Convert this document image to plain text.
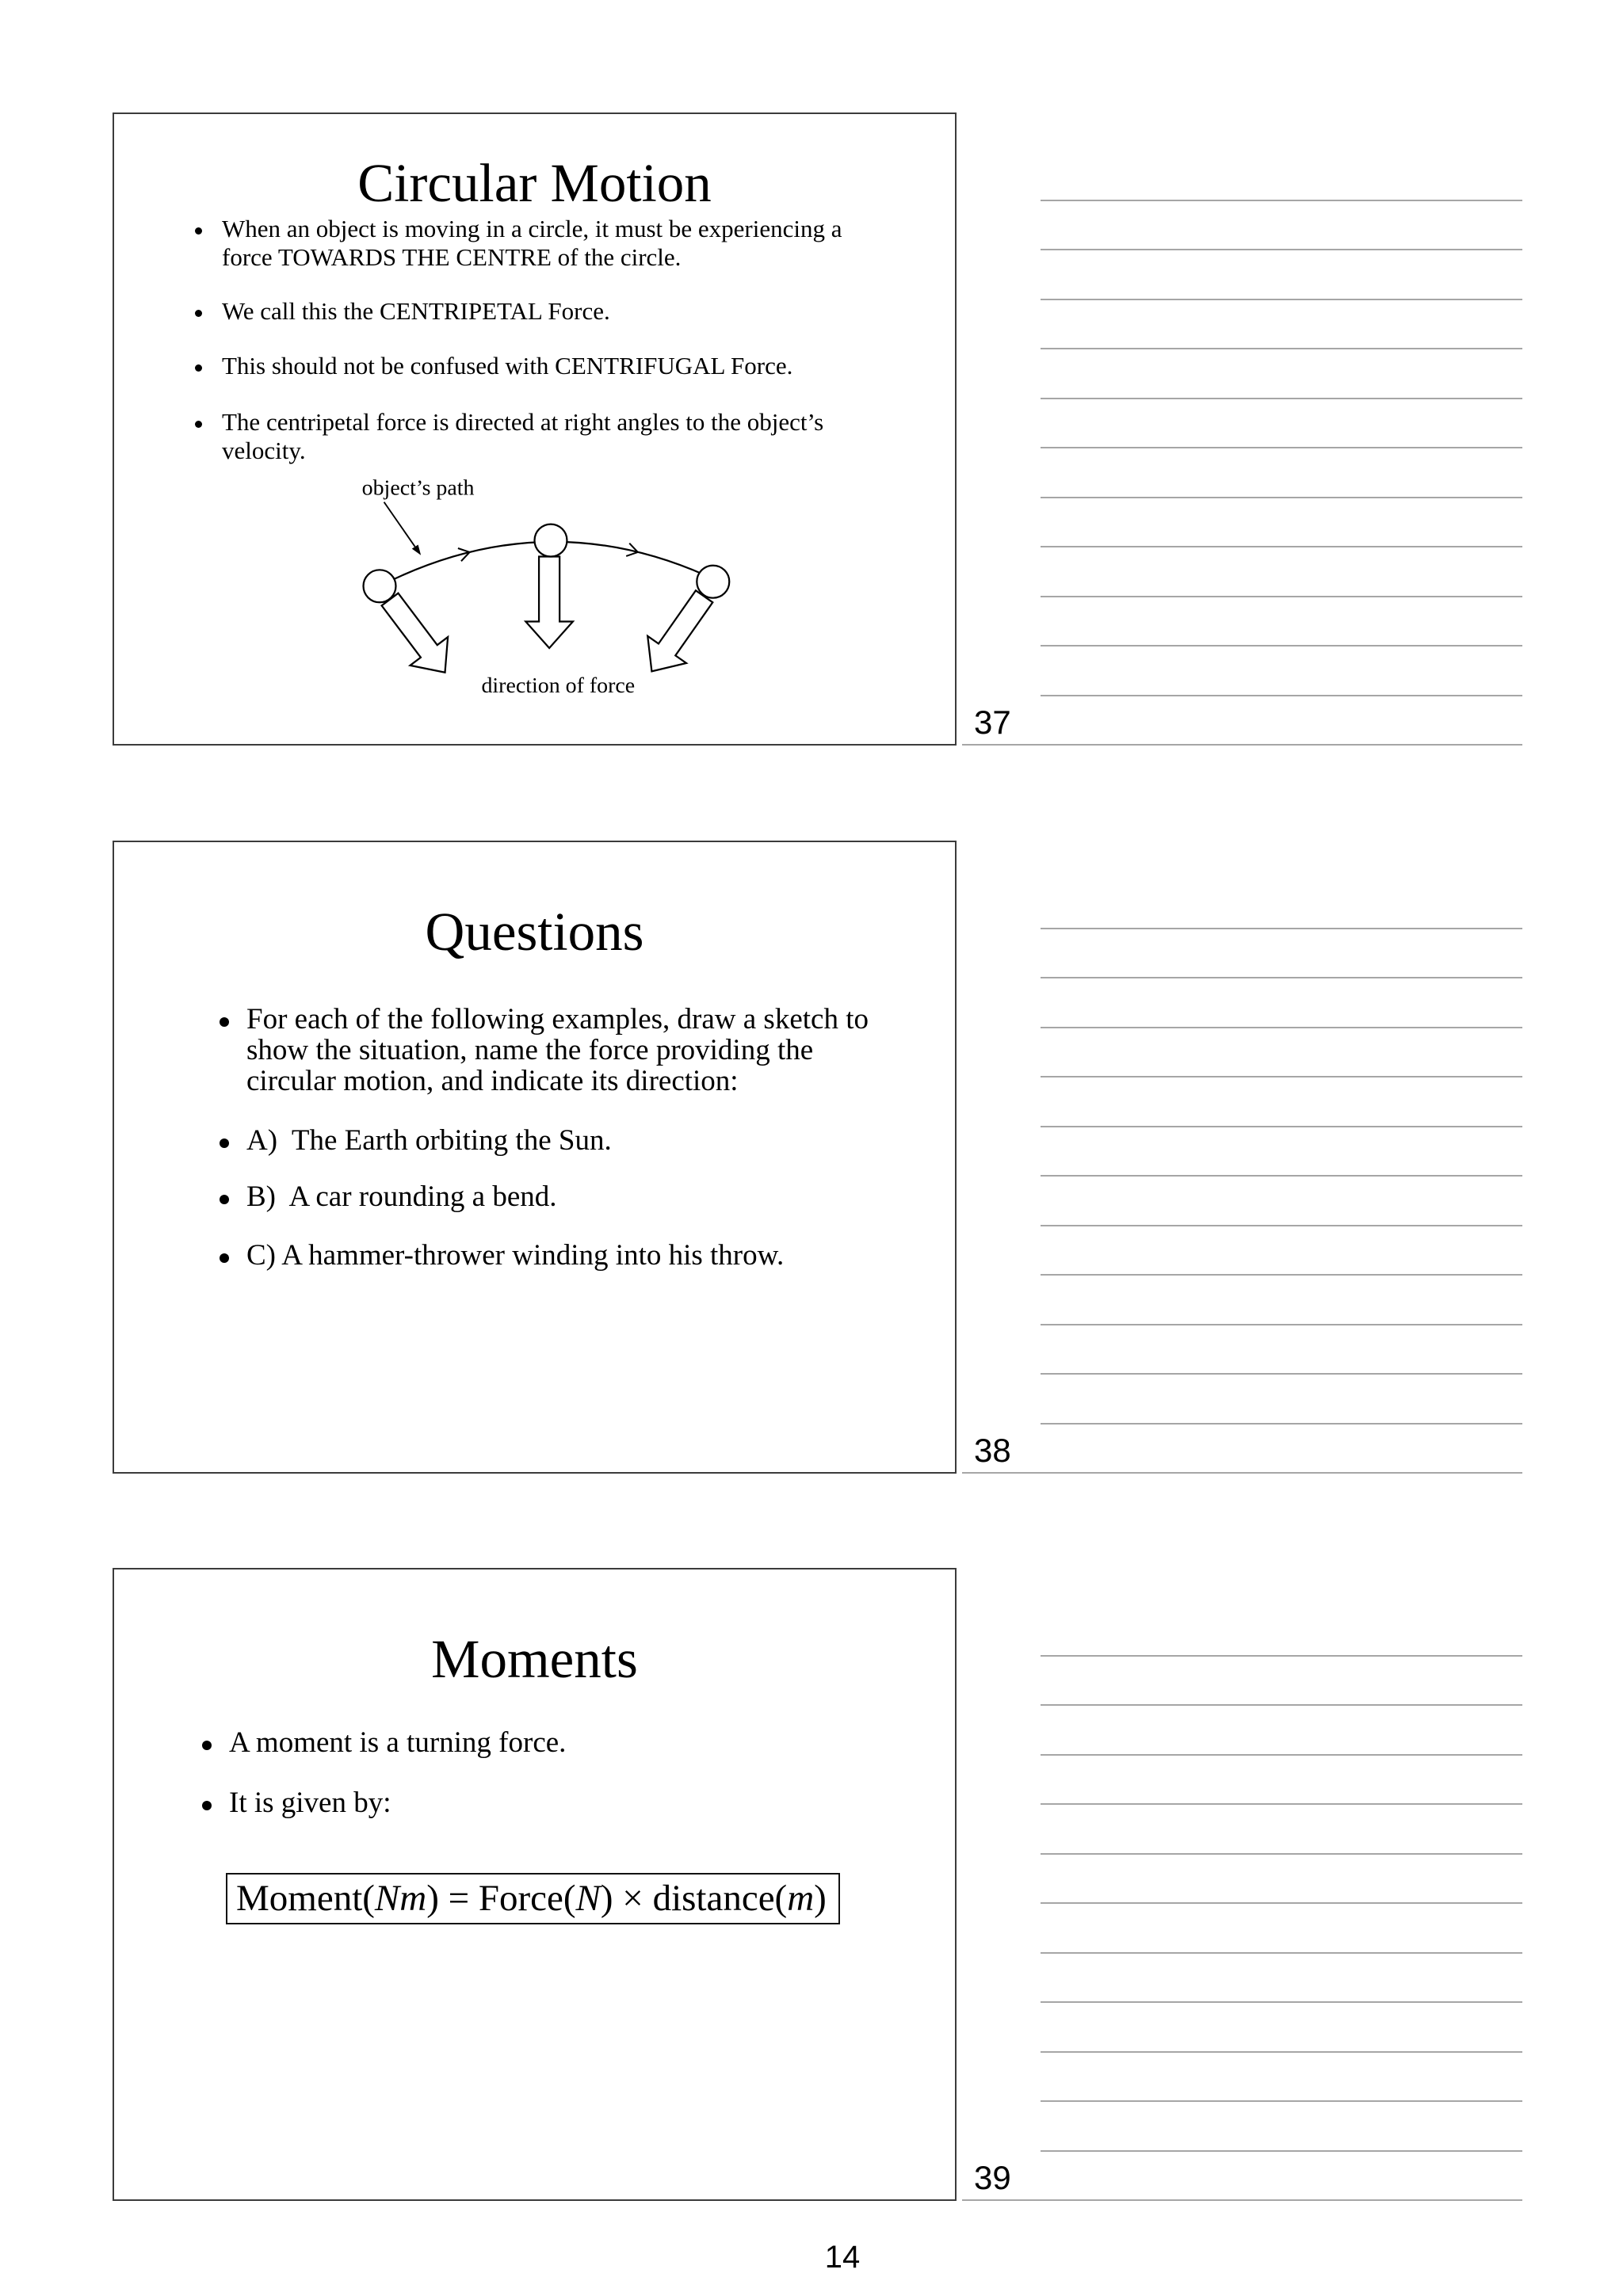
Circular Motion
When an object is moving in a circle, it must be experiencing a
force TOWARDS THE CENTRE of the circle.
We call this the CENTRIPETAL Force.
This should not be confused with CENTRIFUGAL Force.
The centripetal force is directed at right angles to the object’s
velocity.
object’s path
direction of force
37
Questions
For each of the following examples, draw a sketch to
show the situation, name the force providing the
circular motion, and indicate its direction:
A)  The Earth orbiting the Sun.
B)  A car rounding a bend.
C) A hammer-thrower winding into his throw.
38
Moments
A moment is a turning force.
It is given by:
Moment(Nm) = Force(N) × distance(m)
39
14
